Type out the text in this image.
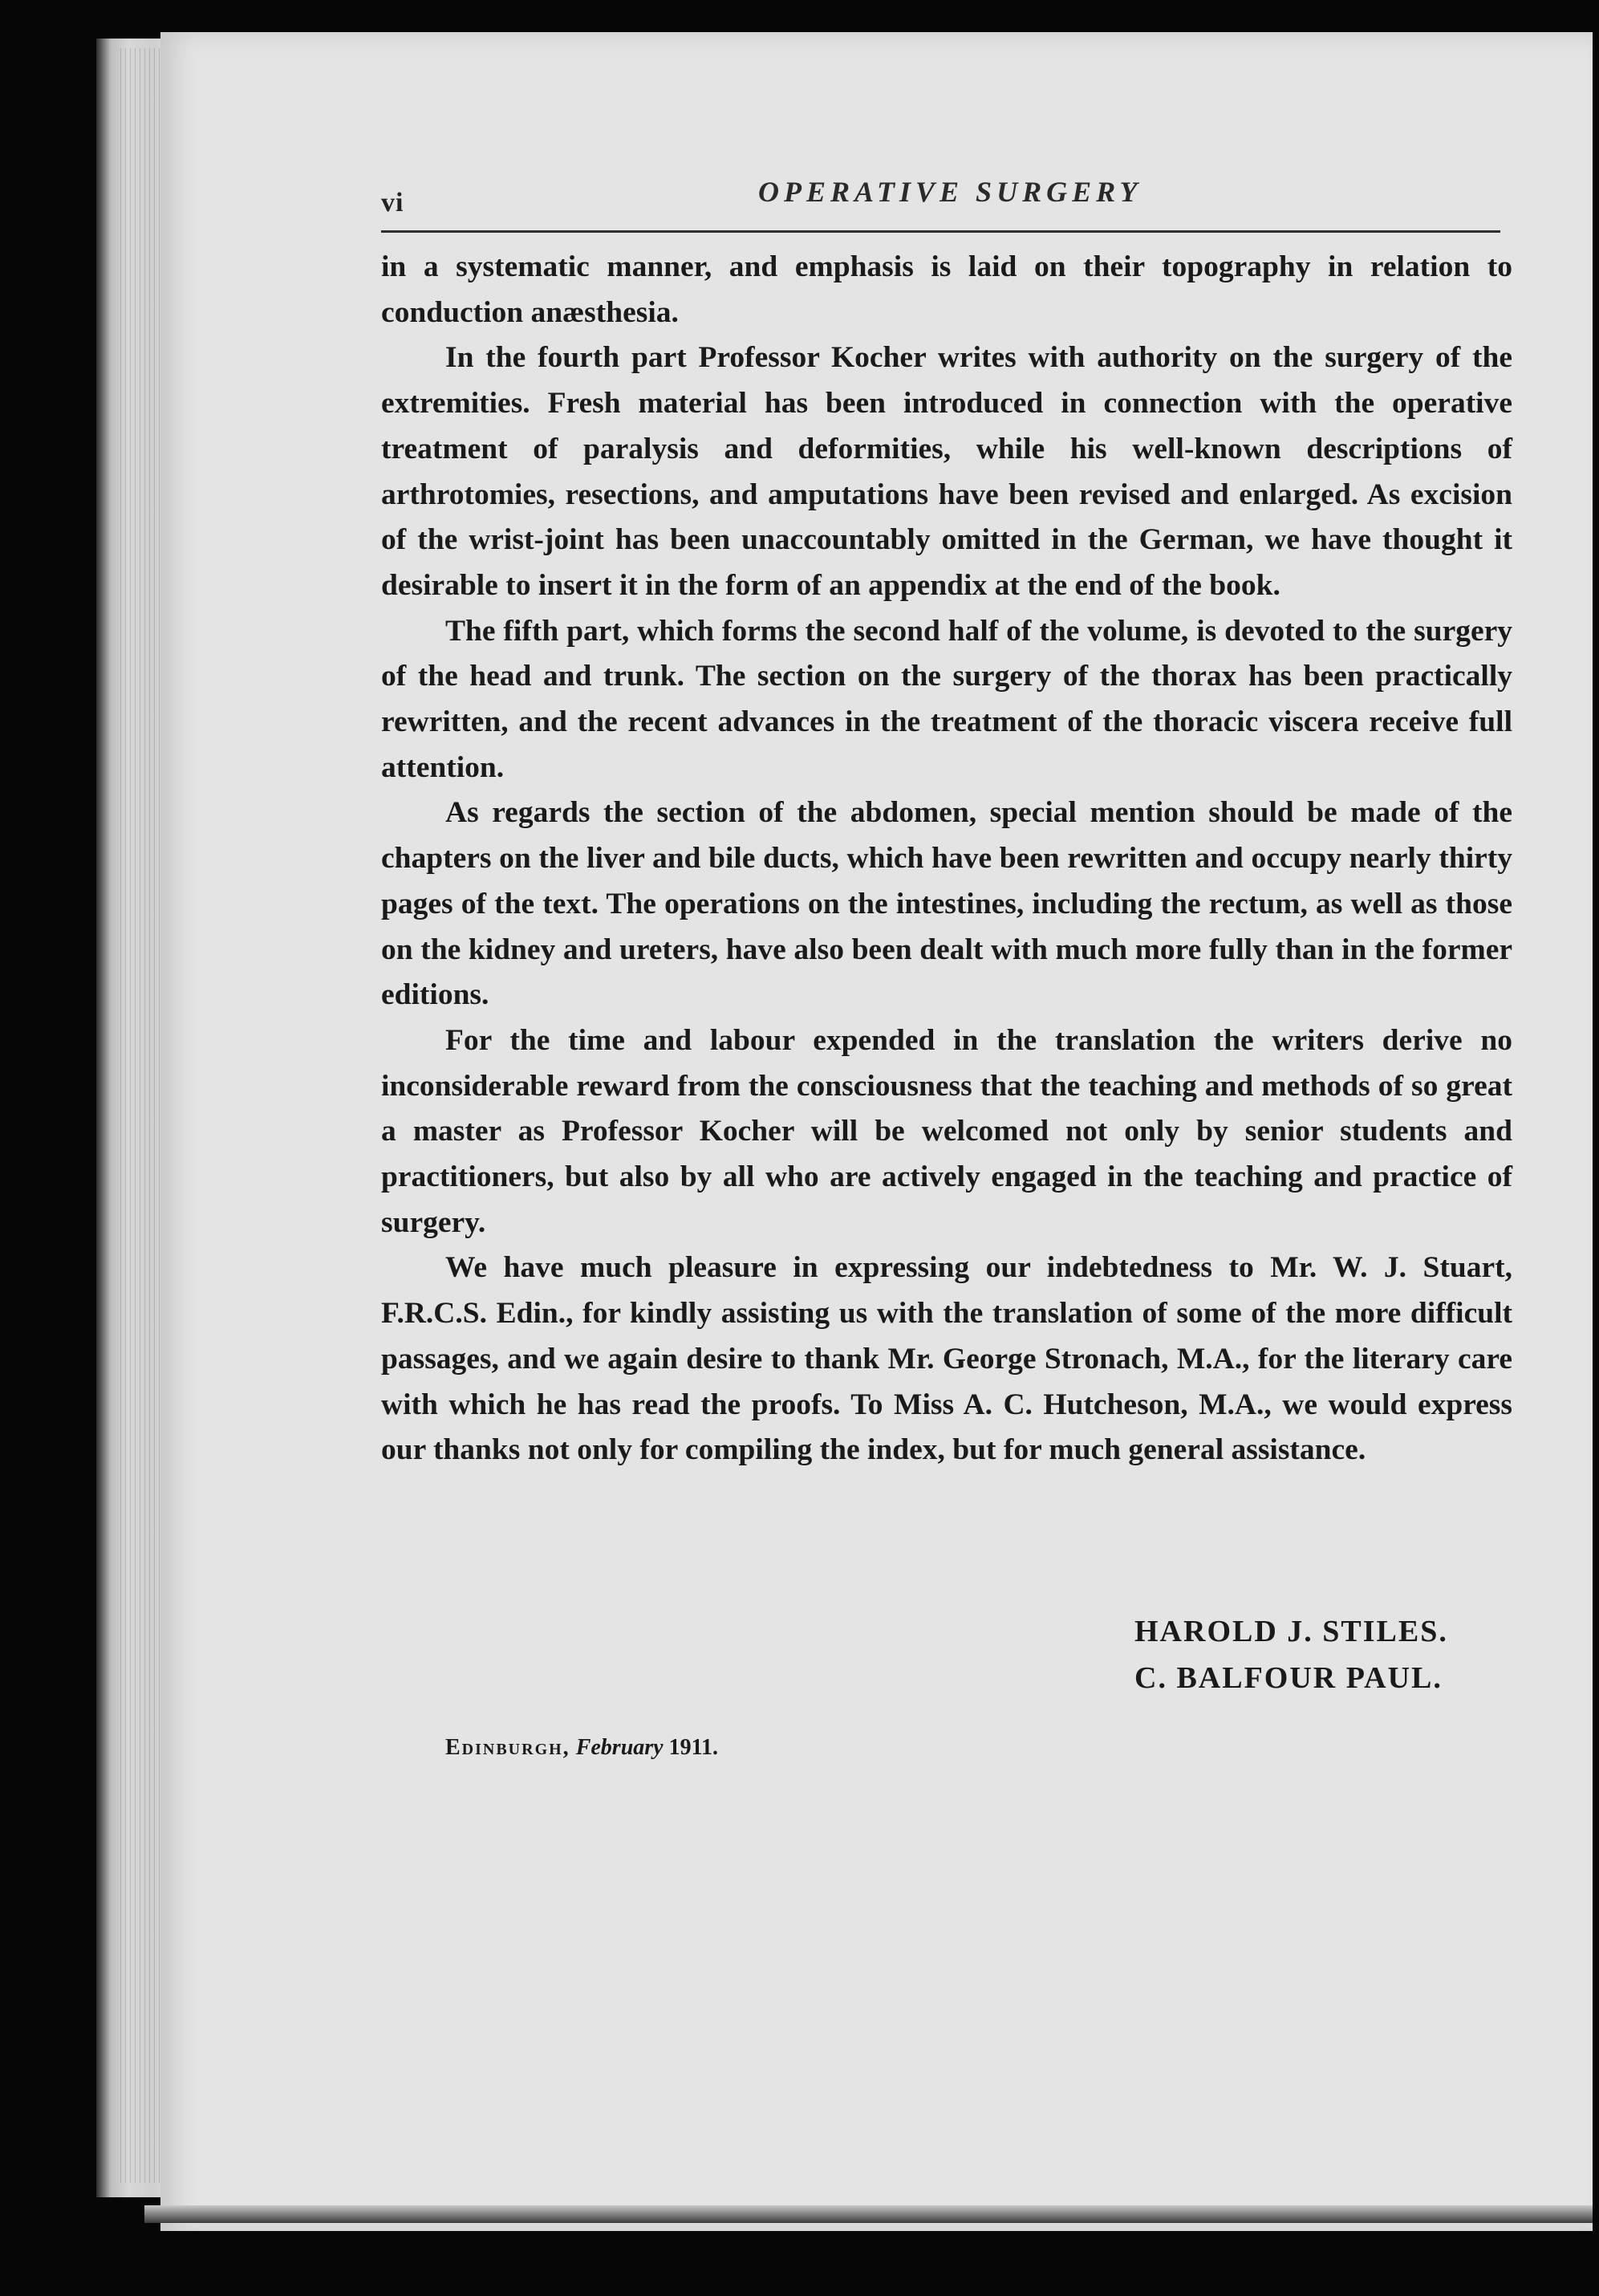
vi	OPERATIVE SURGERY

in a systematic manner, and emphasis is laid on their topography in relation to conduction anæsthesia.

In the fourth part Professor Kocher writes with authority on the surgery of the extremities. Fresh material has been introduced in connection with the operative treatment of paralysis and deformities, while his well-known descriptions of arthrotomies, resections, and amputations have been revised and enlarged. As excision of the wrist-joint has been unaccountably omitted in the German, we have thought it desirable to insert it in the form of an appendix at the end of the book.

The fifth part, which forms the second half of the volume, is devoted to the surgery of the head and trunk. The section on the surgery of the thorax has been practically rewritten, and the recent advances in the treatment of the thoracic viscera receive full attention.

As regards the section of the abdomen, special mention should be made of the chapters on the liver and bile ducts, which have been rewritten and occupy nearly thirty pages of the text. The operations on the intestines, including the rectum, as well as those on the kidney and ureters, have also been dealt with much more fully than in the former editions.

For the time and labour expended in the translation the writers derive no inconsiderable reward from the consciousness that the teaching and methods of so great a master as Professor Kocher will be welcomed not only by senior students and practitioners, but also by all who are actively engaged in the teaching and practice of surgery.

We have much pleasure in expressing our indebtedness to Mr. W. J. Stuart, F.R.C.S. Edin., for kindly assisting us with the translation of some of the more difficult passages, and we again desire to thank Mr. George Stronach, M.A., for the literary care with which he has read the proofs. To Miss A. C. Hutcheson, M.A., we would express our thanks not only for compiling the index, but for much general assistance.

HAROLD J. STILES.
C. BALFOUR PAUL.
Edinburgh, February 1911.
